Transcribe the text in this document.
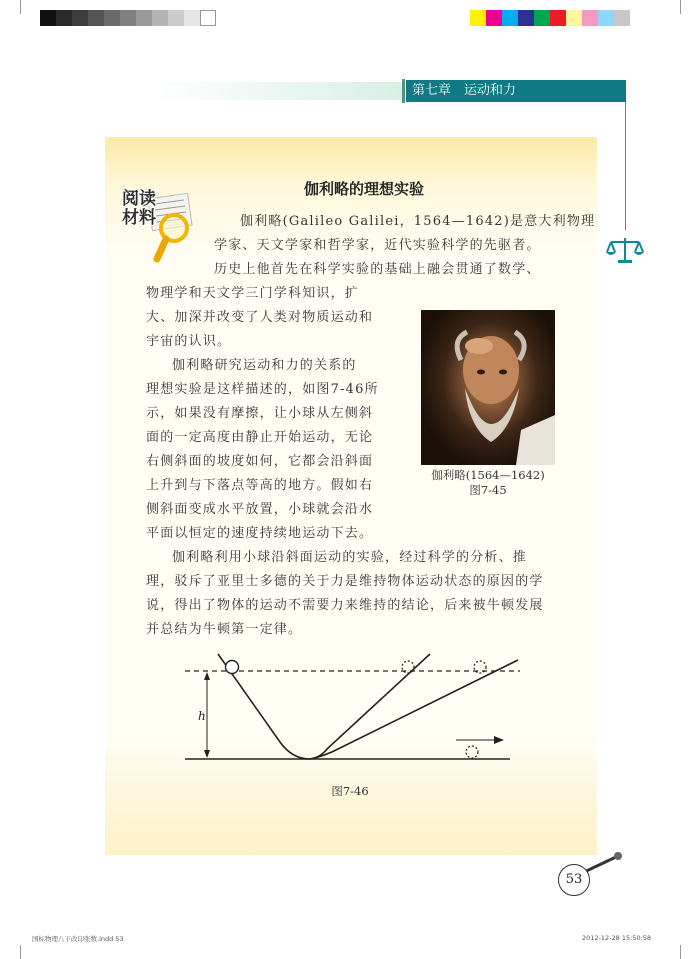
第七章　运动和力
阅读
材料
伽利略的理想实验

伽利略(Galileo Galilei，1564—1642)是意大利物理

学家、天文学家和哲学家，近代实验科学的先驱者。

历史上他首先在科学实验的基础上融会贯通了数学、

物理学和天文学三门学科知识，扩

大、加深并改变了人类对物质运动和

宇宙的认识。

伽利略研究运动和力的关系的

理想实验是这样描述的，如图7-46所

示，如果没有摩擦，让小球从左侧斜

面的一定高度由静止开始运动，无论

右侧斜面的坡度如何，它都会沿斜面

上升到与下落点等高的地方。假如右

侧斜面变成水平放置，小球就会沿水

平面以恒定的速度持续地运动下去。

伽利略利用小球沿斜面运动的实验，经过科学的分析、推

理，驳斥了亚里士多德的关于力是维持物体运动状态的原因的学

说，得出了物体的运动不需要力来维持的结论，后来被牛顿发展

并总结为牛顿第一定律。

伽利略(1564—1642)
图7-45
h
图7-46
53
国标物理八下改印张数.indd 53	2012-12-28 15:50:58
